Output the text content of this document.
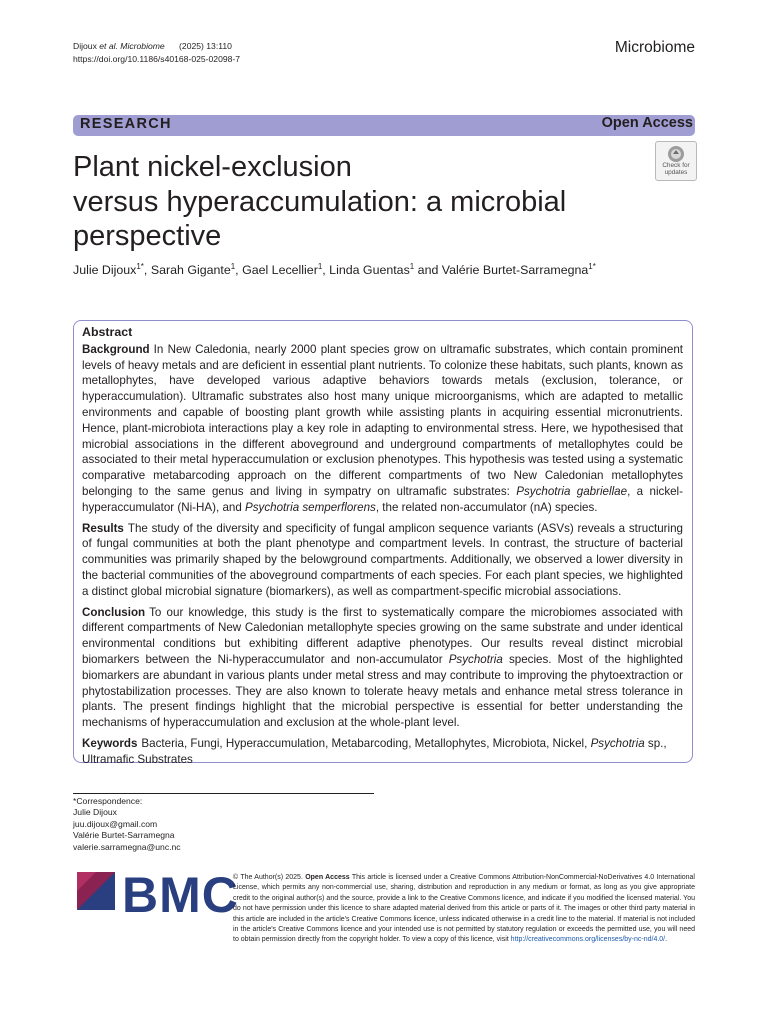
Dijoux et al. Microbiome (2025) 13:110
https://doi.org/10.1186/s40168-025-02098-7
Microbiome
RESEARCH	Open Access
Plant nickel-exclusion
versus hyperaccumulation: a microbial
perspective
Check for
updates
Julie Dijoux$^{1*}$, Sarah Gigante$^1$, Gael Lecellier$^1$, Linda Guentas$^1$ and Valérie Burtet-Sarramegna$^{1*}$
Abstract

Background In New Caledonia, nearly 2000 plant species grow on ultramafic substrates, which contain prominent levels of heavy metals and are deficient in essential plant nutrients. To colonize these habitats, such plants, known as metallophytes, have developed various adaptive behaviors towards metals (exclusion, tolerance, or hyperaccumulation). Ultramafic substrates also host many unique microorganisms, which are adapted to metallic environments and capable of boosting plant growth while assisting plants in acquiring essential micronutrients. Hence, plant-microbiota interactions play a key role in adapting to environmental stress. Here, we hypothesised that microbial associations in the different aboveground and underground compartments of metallophytes could be associated to their metal hyperaccumulation or exclusion phenotypes. This hypothesis was tested using a systematic comparative metabarcoding approach on the different compartments of two New Caledonian metallophytes belonging to the same genus and living in sympatry on ultramafic substrates: Psychotria gabriellae, a nickel-hyperaccumulator (Ni-HA), and Psychotria semperflorens, the related non-accumulator (nA) species.

Results The study of the diversity and specificity of fungal amplicon sequence variants (ASVs) reveals a structuring of fungal communities at both the plant phenotype and compartment levels. In contrast, the structure of bacterial communities was primarily shaped by the belowground compartments. Additionally, we observed a lower diversity in the bacterial communities of the aboveground compartments of each species. For each plant species, we highlighted a distinct global microbial signature (biomarkers), as well as compartment-specific microbial associations.

Conclusion To our knowledge, this study is the first to systematically compare the microbiomes associated with different compartments of New Caledonian metallophyte species growing on the same substrate and under identical environmental conditions but exhibiting different adaptive phenotypes. Our results reveal distinct microbial biomarkers between the Ni-hyperaccumulator and non-accumulator Psychotria species. Most of the highlighted biomarkers are abundant in various plants under metal stress and may contribute to improving the phytoextraction or phytostabilization processes. They are also known to tolerate heavy metals and enhance metal stress tolerance in plants. The present findings highlight that the microbial perspective is essential for better understanding the mechanisms of hyperaccumulation and exclusion at the whole-plant level.

Keywords Bacteria, Fungi, Hyperaccumulation, Metabarcoding, Metallophytes, Microbiota, Nickel, Psychotria sp., Ultramafic Substrates

*Correspondence:
Julie Dijoux
juu.dijoux@gmail.com
Valérie Burtet-Sarramegna
valerie.sarramegna@unc.nc
BMC
© The Author(s) 2025. Open Access This article is licensed under a Creative Commons Attribution-NonCommercial-NoDerivatives 4.0 International License, which permits any non-commercial use, sharing, distribution and reproduction in any medium or format, as long as you give appropriate credit to the original author(s) and the source, provide a link to the Creative Commons licence, and indicate if you modified the licensed material. You do not have permission under this licence to share adapted material derived from this article or parts of it. The images or other third party material in this article are included in the article's Creative Commons licence, unless indicated otherwise in a credit line to the material. If material is not included in the article's Creative Commons licence and your intended use is not permitted by statutory regulation or exceeds the permitted use, you will need to obtain permission directly from the copyright holder. To view a copy of this licence, visit http://creativecommons.org/licenses/by-nc-nd/4.0/.
